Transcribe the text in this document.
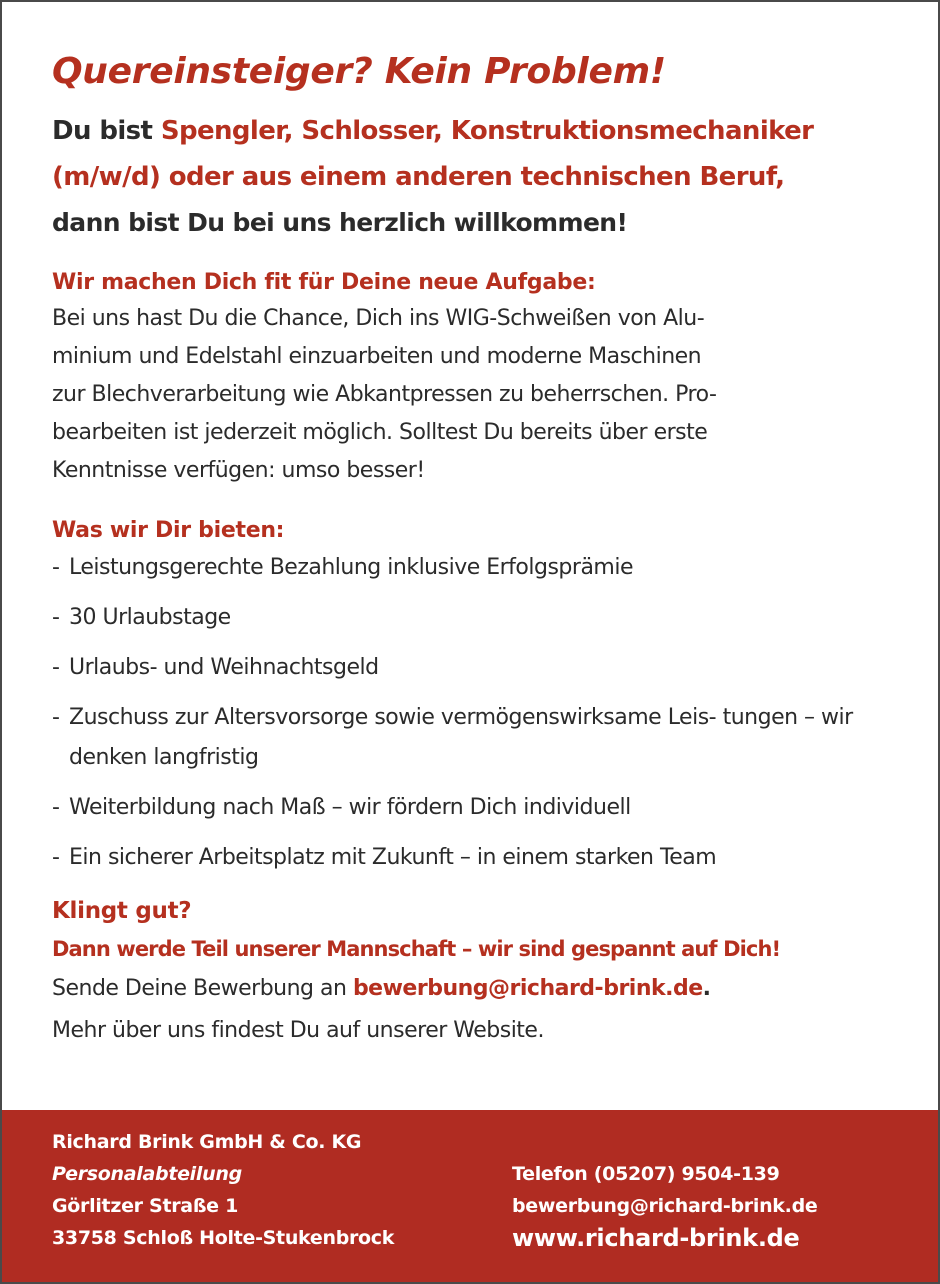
Quereinsteiger? Kein Problem!
Du bist Spengler, Schlosser, Konstruktionsmechaniker
(m/w/d) oder aus einem anderen technischen Beruf,
dann bist Du bei uns herzlich willkommen!
Wir machen Dich fit für Deine neue Aufgabe:
Bei uns hast Du die Chance, Dich ins WIG-Schweißen von Alu-
minium und Edelstahl einzuarbeiten und moderne Maschinen
zur Blechverarbeitung wie Abkantpressen zu beherrschen. Pro-
bearbeiten ist jederzeit möglich. Solltest Du bereits über erste
Kenntnisse verfügen: umso besser!
Was wir Dir bieten:
- Leistungsgerechte Bezahlung inklusive Erfolgsprämie
- 30 Urlaubstage
- Urlaubs- und Weihnachtsgeld
- Zuschuss zur Altersvorsorge sowie vermögenswirksame Leis- tungen – wir denken langfristig
- Weiterbildung nach Maß – wir fördern Dich individuell
- Ein sicherer Arbeitsplatz mit Zukunft – in einem starken Team
Klingt gut?
Dann werde Teil unserer Mannschaft – wir sind gespannt auf Dich!
Sende Deine Bewerbung an bewerbung@richard-brink.de.
Mehr über uns findest Du auf unserer Website.
Richard Brink GmbH & Co. KG
Personalabteilung
Görlitzer Straße 1
33758 Schloß Holte-Stukenbrock
Telefon (05207) 9504-139
bewerbung@richard-brink.de
www.richard-brink.de
